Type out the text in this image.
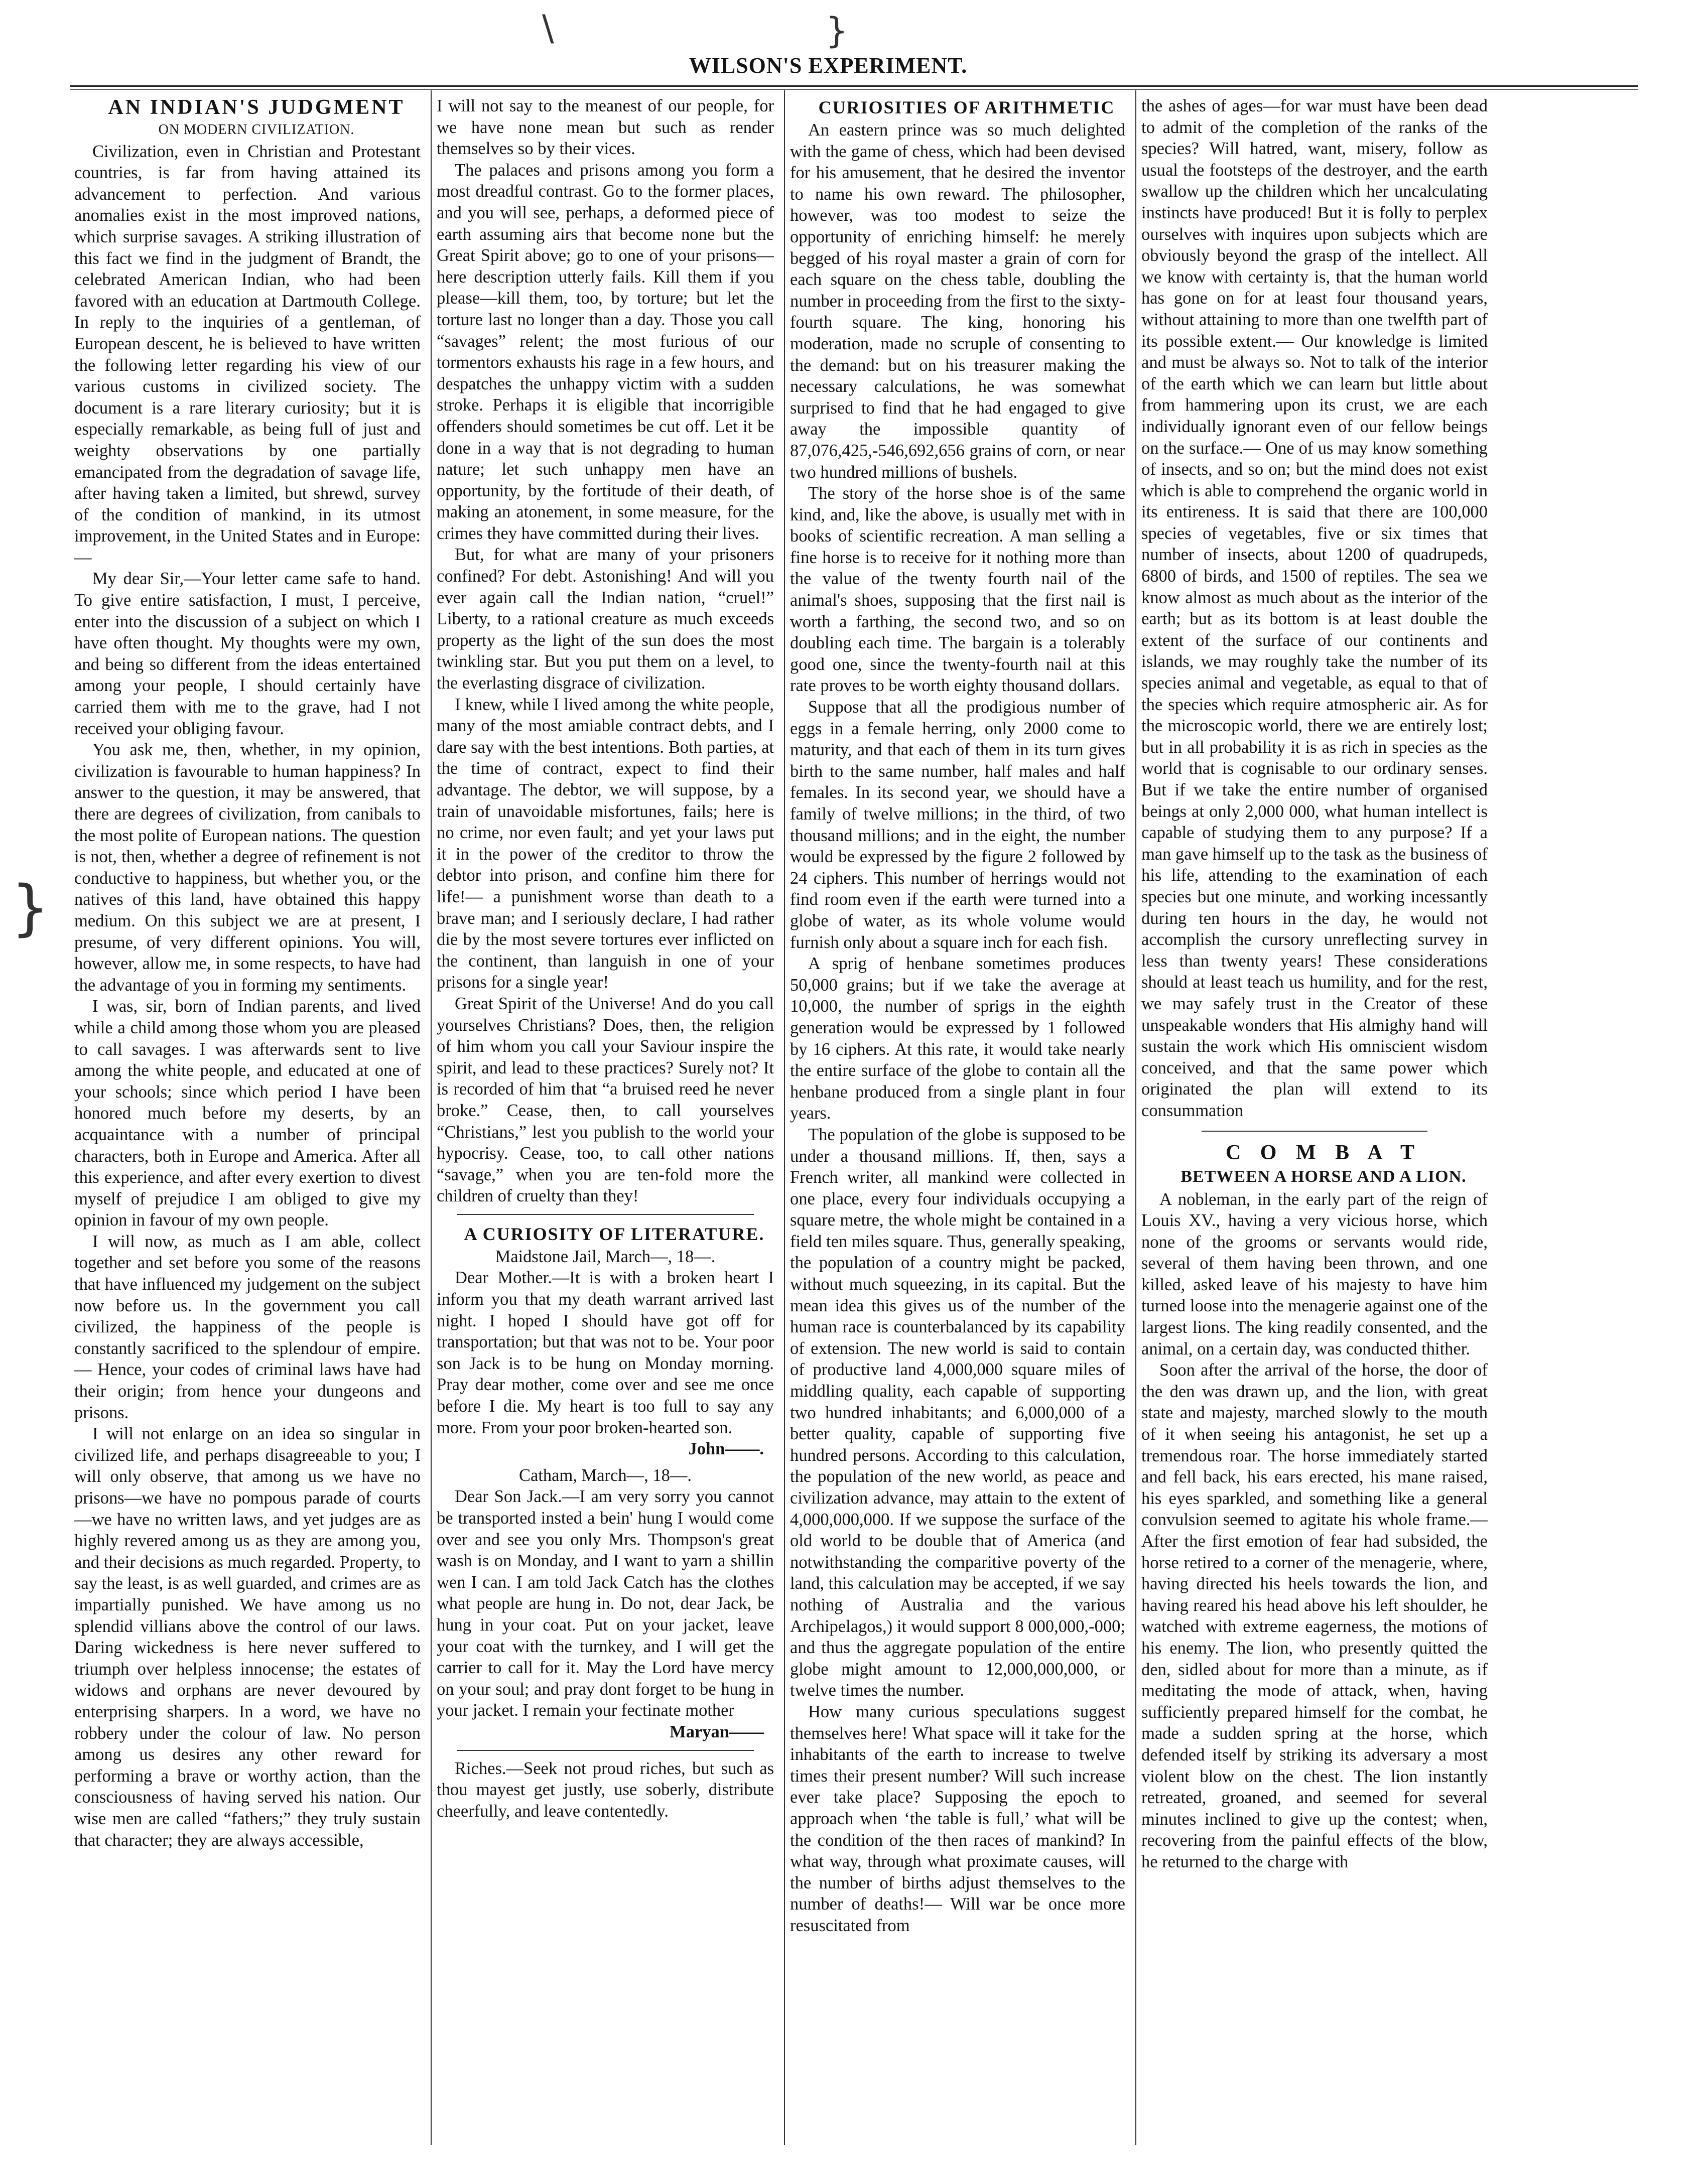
WILSON'S EXPERIMENT.
}
\	}

AN INDIAN'S JUDGMENT

ON MODERN CIVILIZATION.

Civilization, even in Christian and Protestant countries, is far from having attained its advancement to perfection. And various anomalies exist in the most improved nations, which surprise savages. A striking illustration of this fact we find in the judgment of Brandt, the celebrated American Indian, who had been favored with an education at Dartmouth College. In reply to the inquiries of a gentleman, of European descent, he is believed to have written the following letter regarding his view of our various customs in civilized society. The document is a rare literary curiosity; but it is especially remarkable, as being full of just and weighty observations by one partially emancipated from the degradation of savage life, after having taken a limited, but shrewd, survey of the condition of mankind, in its utmost improvement, in the United States and in Europe:—

My dear Sir,—Your letter came safe to hand. To give entire satisfaction, I must, I perceive, enter into the discussion of a subject on which I have often thought. My thoughts were my own, and being so different from the ideas entertained among your people, I should certainly have carried them with me to the grave, had I not received your obliging favour.

You ask me, then, whether, in my opinion, civilization is favourable to human happiness? In answer to the question, it may be answered, that there are degrees of civilization, from canibals to the most polite of European nations. The question is not, then, whether a degree of refinement is not conductive to happiness, but whether you, or the natives of this land, have obtained this happy medium. On this subject we are at present, I presume, of very different opinions. You will, however, allow me, in some respects, to have had the advantage of you in forming my sentiments.

I was, sir, born of Indian parents, and lived while a child among those whom you are pleased to call savages. I was afterwards sent to live among the white people, and educated at one of your schools; since which period I have been honored much before my deserts, by an acquaintance with a number of principal characters, both in Europe and America. After all this experience, and after every exertion to divest myself of prejudice I am obliged to give my opinion in favour of my own people.

I will now, as much as I am able, collect together and set before you some of the reasons that have influenced my judgement on the subject now before us. In the government you call civilized, the happiness of the people is constantly sacrificed to the splendour of empire.— Hence, your codes of criminal laws have had their origin; from hence your dungeons and prisons.

I will not enlarge on an idea so singular in civilized life, and perhaps disagreeable to you; I will only observe, that among us we have no prisons—we have no pompous parade of courts—we have no written laws, and yet judges are as highly revered among us as they are among you, and their decisions as much regarded. Property, to say the least, is as well guarded, and crimes are as impartially punished. We have among us no splendid villians above the control of our laws. Daring wickedness is here never suffered to triumph over helpless innocense; the estates of widows and orphans are never devoured by enterprising sharpers. In a word, we have no robbery under the colour of law. No person among us desires any other reward for performing a brave or worthy action, than the consciousness of having served his nation. Our wise men are called “fathers;” they truly sustain that character; they are always accessible,

I will not say to the meanest of our people, for we have none mean but such as render themselves so by their vices.

The palaces and prisons among you form a most dreadful contrast. Go to the former places, and you will see, perhaps, a deformed piece of earth assuming airs that become none but the Great Spirit above; go to one of your prisons—here description utterly fails. Kill them if you please—kill them, too, by torture; but let the torture last no longer than a day. Those you call “savages” relent; the most furious of our tormentors exhausts his rage in a few hours, and despatches the unhappy victim with a sudden stroke. Perhaps it is eligible that incorrigible offenders should sometimes be cut off. Let it be done in a way that is not degrading to human nature; let such unhappy men have an opportunity, by the fortitude of their death, of making an atonement, in some measure, for the crimes they have committed during their lives.

But, for what are many of your prisoners confined? For debt. Astonishing! And will you ever again call the Indian nation, “cruel!” Liberty, to a rational creature as much exceeds property as the light of the sun does the most twinkling star. But you put them on a level, to the everlasting disgrace of civilization.

I knew, while I lived among the white people, many of the most amiable contract debts, and I dare say with the best intentions. Both parties, at the time of contract, expect to find their advantage. The debtor, we will suppose, by a train of unavoidable misfortunes, fails; here is no crime, nor even fault; and yet your laws put it in the power of the creditor to throw the debtor into prison, and confine him there for life!— a punishment worse than death to a brave man; and I seriously declare, I had rather die by the most severe tortures ever inflicted on the continent, than languish in one of your prisons for a single year!

Great Spirit of the Universe! And do you call yourselves Christians? Does, then, the religion of him whom you call your Saviour inspire the spirit, and lead to these practices? Surely not? It is recorded of him that “a bruised reed he never broke.” Cease, then, to call yourselves “Christians,” lest you publish to the world your hypocrisy. Cease, too, to call other nations “savage,” when you are ten-fold more the children of cruelty than they!

A CURIOSITY OF LITERATURE.

Maidstone Jail, March—, 18—.

Dear Mother.—It is with a broken heart I inform you that my death warrant arrived last night. I hoped I should have got off for transportation; but that was not to be. Your poor son Jack is to be hung on Monday morning. Pray dear mother, come over and see me once before I die. My heart is too full to say any more. From your poor broken-hearted son.

John——.

Catham, March—, 18—.

Dear Son Jack.—I am very sorry you cannot be transported insted a bein' hung I would come over and see you only Mrs. Thompson's great wash is on Monday, and I want to yarn a shillin wen I can. I am told Jack Catch has the clothes what people are hung in. Do not, dear Jack, be hung in your coat. Put on your jacket, leave your coat with the turnkey, and I will get the carrier to call for it. May the Lord have mercy on your soul; and pray dont forget to be hung in your jacket. I remain your fectinate mother

Maryan——

Riches.—Seek not proud riches, but such as thou mayest get justly, use soberly, distribute cheerfully, and leave contentedly.

CURIOSITIES OF ARITHMETIC

An eastern prince was so much delighted with the game of chess, which had been devised for his amusement, that he desired the inventor to name his own reward. The philosopher, however, was too modest to seize the opportunity of enriching himself: he merely begged of his royal master a grain of corn for each square on the chess table, doubling the number in proceeding from the first to the sixty-fourth square. The king, honoring his moderation, made no scruple of consenting to the demand: but on his treasurer making the necessary calculations, he was somewhat surprised to find that he had engaged to give away the impossible quantity of 87,076,425,-546,692,656 grains of corn, or near two hundred millions of bushels.

The story of the horse shoe is of the same kind, and, like the above, is usually met with in books of scientific recreation. A man selling a fine horse is to receive for it nothing more than the value of the twenty fourth nail of the animal's shoes, supposing that the first nail is worth a farthing, the second two, and so on doubling each time. The bargain is a tolerably good one, since the twenty-fourth nail at this rate proves to be worth eighty thousand dollars.

Suppose that all the prodigious number of eggs in a female herring, only 2000 come to maturity, and that each of them in its turn gives birth to the same number, half males and half females. In its second year, we should have a family of twelve millions; in the third, of two thousand millions; and in the eight, the number would be expressed by the figure 2 followed by 24 ciphers. This number of herrings would not find room even if the earth were turned into a globe of water, as its whole volume would furnish only about a square inch for each fish.

A sprig of henbane sometimes produces 50,000 grains; but if we take the average at 10,000, the number of sprigs in the eighth generation would be expressed by 1 followed by 16 ciphers. At this rate, it would take nearly the entire surface of the globe to contain all the henbane produced from a single plant in four years.

The population of the globe is supposed to be under a thousand millions. If, then, says a French writer, all mankind were collected in one place, every four individuals occupying a square metre, the whole might be contained in a field ten miles square. Thus, generally speaking, the population of a country might be packed, without much squeezing, in its capital. But the mean idea this gives us of the number of the human race is counterbalanced by its capability of extension. The new world is said to contain of productive land 4,000,000 square miles of middling quality, each capable of supporting two hundred inhabitants; and 6,000,000 of a better quality, capable of supporting five hundred persons. According to this calculation, the population of the new world, as peace and civilization advance, may attain to the extent of 4,000,000,000. If we suppose the surface of the old world to be double that of America (and notwithstanding the comparitive poverty of the land, this calculation may be accepted, if we say nothing of Australia and the various Archipelagos,) it would support 8 000,000,-000; and thus the aggregate population of the entire globe might amount to 12,000,000,000, or twelve times the number.

How many curious speculations suggest themselves here! What space will it take for the inhabitants of the earth to increase to twelve times their present number? Will such increase ever take place? Supposing the epoch to approach when ‘the table is full,’ what will be the condition of the then races of mankind? In what way, through what proximate causes, will the number of births adjust themselves to the number of deaths!— Will war be once more resuscitated from

the ashes of ages—for war must have been dead to admit of the completion of the ranks of the species? Will hatred, want, misery, follow as usual the footsteps of the destroyer, and the earth swallow up the children which her uncalculating instincts have produced! But it is folly to perplex ourselves with inquires upon subjects which are obviously beyond the grasp of the intellect. All we know with certainty is, that the human world has gone on for at least four thousand years, without attaining to more than one twelfth part of its possible extent.— Our knowledge is limited and must be always so. Not to talk of the interior of the earth which we can learn but little about from hammering upon its crust, we are each individually ignorant even of our fellow beings on the surface.— One of us may know something of insects, and so on; but the mind does not exist which is able to comprehend the organic world in its entireness. It is said that there are 100,000 species of vegetables, five or six times that number of insects, about 1200 of quadrupeds, 6800 of birds, and 1500 of reptiles. The sea we know almost as much about as the interior of the earth; but as its bottom is at least double the extent of the surface of our continents and islands, we may roughly take the number of its species animal and vegetable, as equal to that of the species which require atmospheric air. As for the microscopic world, there we are entirely lost; but in all probability it is as rich in species as the world that is cognisable to our ordinary senses. But if we take the entire number of organised beings at only 2,000 000, what human intellect is capable of studying them to any purpose? If a man gave himself up to the task as the business of his life, attending to the examination of each species but one minute, and working incessantly during ten hours in the day, he would not accomplish the cursory unreflecting survey in less than twenty years! These considerations should at least teach us humility, and for the rest, we may safely trust in the Creator of these unspeakable wonders that His almighy hand will sustain the work which His omniscient wisdom conceived, and that the same power which originated the plan will extend to its consummation

C O M B A T

BETWEEN A HORSE AND A LION.

A nobleman, in the early part of the reign of Louis XV., having a very vicious horse, which none of the grooms or servants would ride, several of them having been thrown, and one killed, asked leave of his majesty to have him turned loose into the menagerie against one of the largest lions. The king readily consented, and the animal, on a certain day, was conducted thither.

Soon after the arrival of the horse, the door of the den was drawn up, and the lion, with great state and majesty, marched slowly to the mouth of it when seeing his antagonist, he set up a tremendous roar. The horse immediately started and fell back, his ears erected, his mane raised, his eyes sparkled, and something like a general convulsion seemed to agitate his whole frame.— After the first emotion of fear had subsided, the horse retired to a corner of the menagerie, where, having directed his heels towards the lion, and having reared his head above his left shoulder, he watched with extreme eagerness, the motions of his enemy. The lion, who presently quitted the den, sidled about for more than a minute, as if meditating the mode of attack, when, having sufficiently prepared himself for the combat, he made a sudden spring at the horse, which defended itself by striking its adversary a most violent blow on the chest. The lion instantly retreated, groaned, and seemed for several minutes inclined to give up the contest; when, recovering from the painful effects of the blow, he returned to the charge with
